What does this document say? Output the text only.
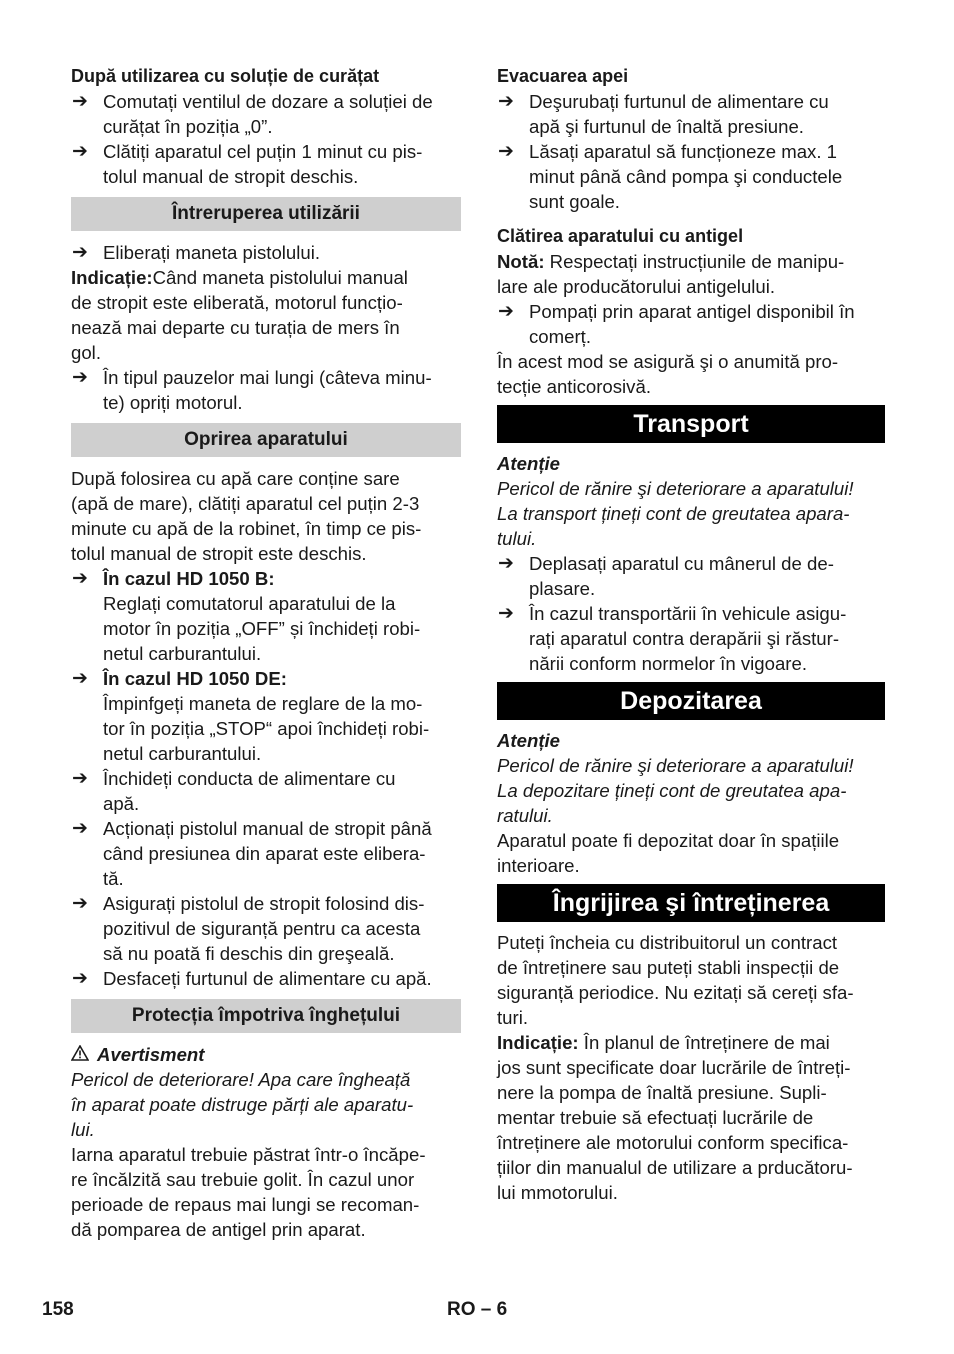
După utilizarea cu soluție de curățat

➔ Comutați ventilul de dozare a soluției de
curățat în poziția „0”.
➔ Clătiți aparatul cel puțin 1 minut cu pis-
tolul manual de stropit deschis.
Întreruperea utilizării
➔ Eliberați maneta pistolului.
Indicație:Când maneta pistolului manual
de stropit este eliberată, motorul funcțio-
nează mai departe cu turația de mers în
gol.
➔ În tipul pauzelor mai lungi (câteva minu-
te) opriți motorul.
Oprirea aparatului
După folosirea cu apă care conține sare
(apă de mare), clătiți aparatul cel puțin 2-3
minute cu apă de la robinet, în timp ce pis-
tolul manual de stropit este deschis.
➔ În cazul HD 1050 B:
Reglați comutatorul aparatului de la
motor în poziția „OFF” și închideți robi-
netul carburantului.
➔ În cazul HD 1050 DE:
Împinfgeți maneta de reglare de la mo-
tor în poziția „STOP“ apoi închideți robi-
netul carburantului.
➔ Închideți conducta de alimentare cu
apă.
➔ Acționați pistolul manual de stropit până
când presiunea din aparat este elibera-
tă.
➔ Asigurați pistolul de stropit folosind dis-
pozitivul de siguranță pentru ca acesta
să nu poată fi deschis din greşeală.
➔ Desfaceți furtunul de alimentare cu apă.
Protecția împotriva înghețului
Avertisment
Pericol de deteriorare! Apa care îngheață
în aparat poate distruge părți ale aparatu-
lui.
Iarna aparatul trebuie păstrat într-o încăpe-
re încălzită sau trebuie golit. În cazul unor
perioade de repaus mai lungi se recoman-
dă pomparea de antigel prin aparat.

Evacuarea apei

➔ Deşurubați furtunul de alimentare cu
apă şi furtunul de înaltă presiune.
➔ Lăsați aparatul să funcționeze max. 1
minut până când pompa şi conductele
sunt goale.

Clătirea aparatului cu antigel

Notă: Respectați instrucțiunile de manipu-
lare ale producătorului antigelului.
➔ Pompați prin aparat antigel disponibil în
comerț.
În acest mod se asigură şi o anumită pro-
tecție anticorosivă.
Transport
Atenție
Pericol de rănire şi deteriorare a aparatului!
La transport țineți cont de greutatea apara-
tului.
➔ Deplasați aparatul cu mânerul de de-
plasare.
➔ În cazul transportării în vehicule asigu-
rați aparatul contra derapării şi răstur-
nării conform normelor în vigoare.
Depozitarea
Atenție
Pericol de rănire şi deteriorare a aparatului!
La depozitare țineți cont de greutatea apa-
ratului.
Aparatul poate fi depozitat doar în spațiile
interioare.
Îngrijirea şi întreținerea
Puteți încheia cu distribuitorul un contract
de întreținere sau puteți stabli inspecții de
siguranță periodice. Nu ezitați să cereți sfa-
turi.
Indicație: În planul de întreținere de mai
jos sunt specificate doar lucrările de întreți-
nere la pompa de înaltă presiune. Supli-
mentar trebuie să efectuați lucrările de
întreținere ale motorului conform specifica-
țiilor din manualul de utilizare a prducătoru-
lui mmotorului.
158	RO – 6
